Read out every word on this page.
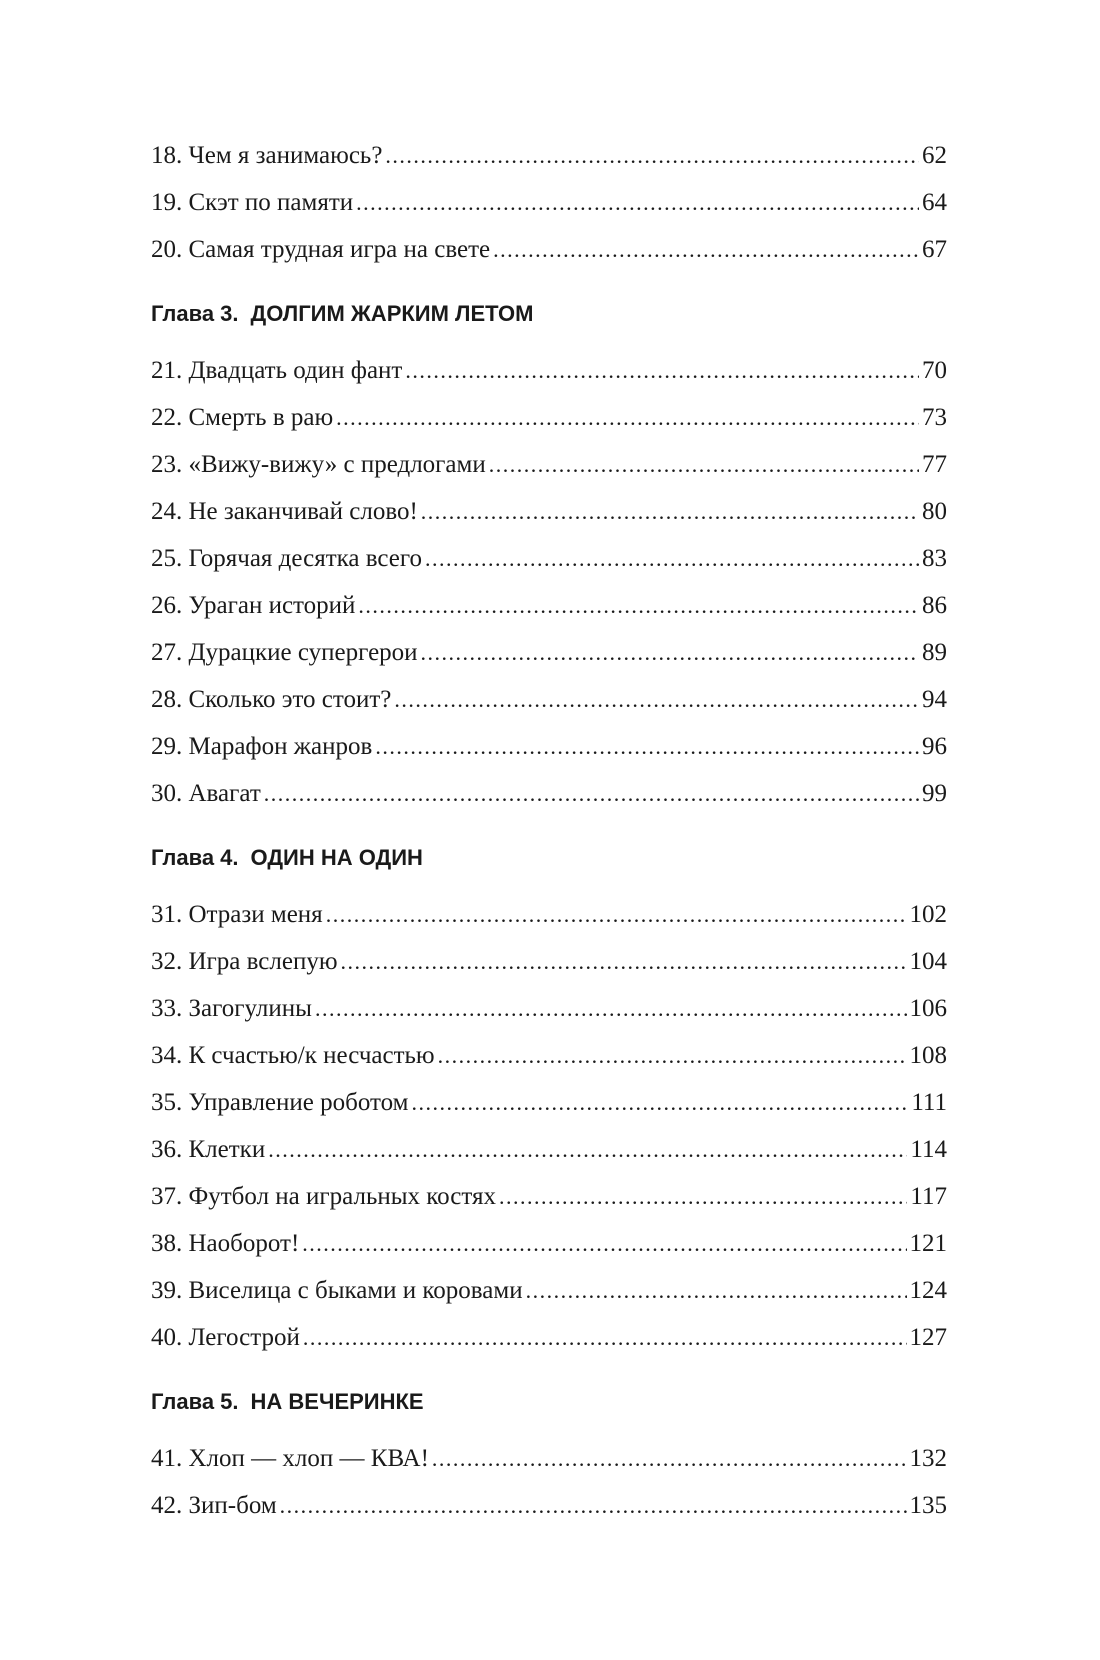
18. Чем я занимаюсь? . . .	62
19. Скэт по памяти . . .	64
20. Самая трудная игра на свете . . .	67
Глава 3. ДОЛГИМ ЖАРКИМ ЛЕТОМ
21. Двадцать один фант . . .	70
22. Смерть в раю . . .	73
23. «Вижу-вижу» с предлогами . . .	77
24. Не заканчивай слово! . . .	80
25. Горячая десятка всего . . .	83
26. Ураган историй . . .	86
27. Дурацкие супергерои . . .	89
28. Сколько это стоит? . . .	94
29. Марафон жанров . . .	96
30. Авагат . . .	99
Глава 4. ОДИН НА ОДИН
31. Отрази меня . . .	102
32. Игра вслепую . . .	104
33. Загогулины . . .	106
34. К счастью/к несчастью . . .	108
35. Управление роботом . . .	111
36. Клетки . . .	114
37. Футбол на игральных костях . . .	117
38. Наоборот! . . .	121
39. Виселица с быками и коровами . . .	124
40. Легострой . . .	127
Глава 5. НА ВЕЧЕРИНКЕ
41. Хлоп — хлоп — КВА! . . .	132
42. Зип-бом . . .	135
